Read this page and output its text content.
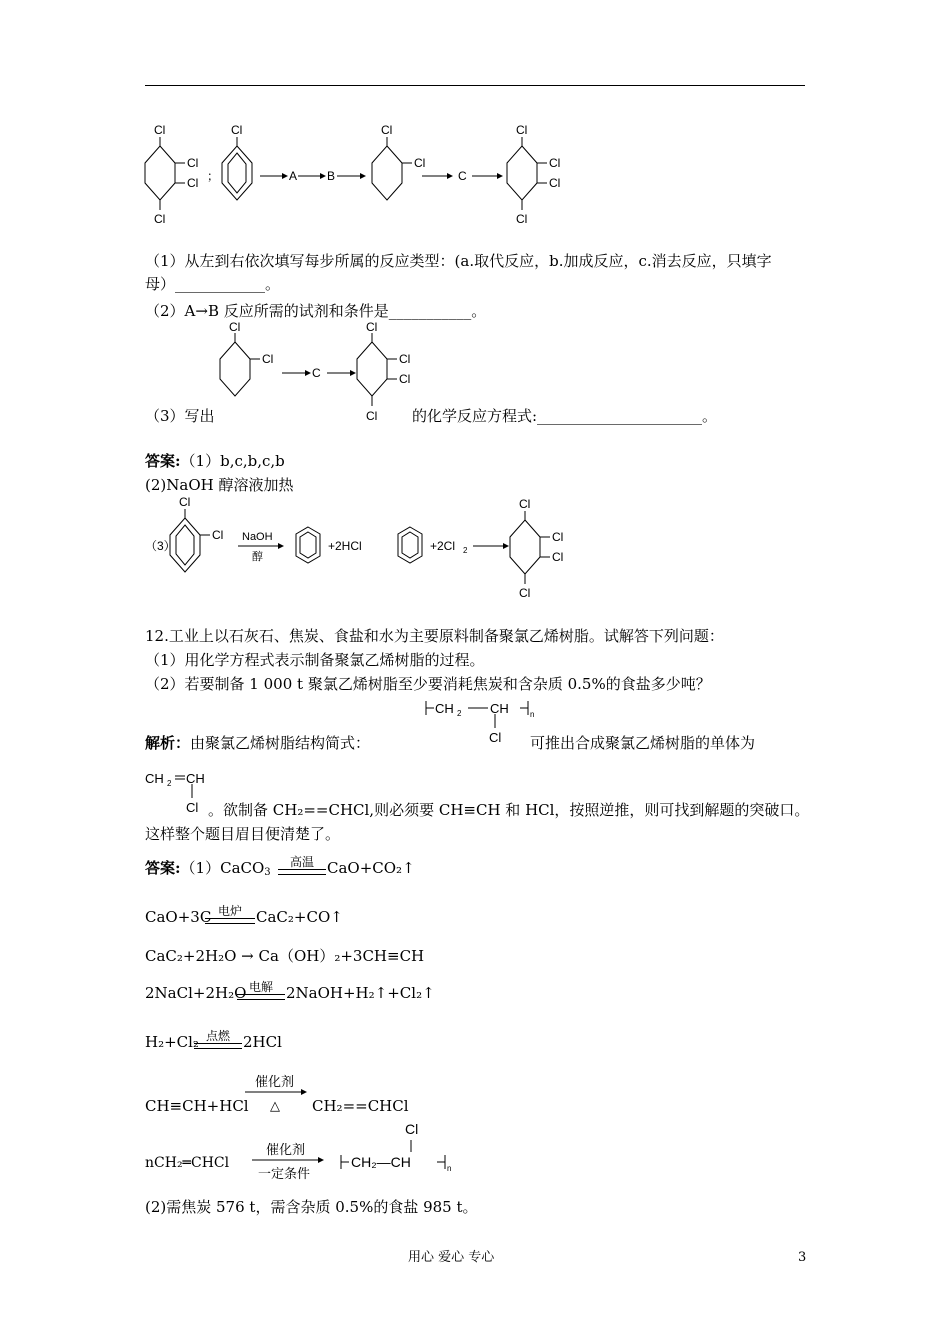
Cl
Cl
Cl
Cl
；
Cl
A B
Cl
Cl
C
Cl
Cl
Cl
Cl
（1）从左到右依次填写每步所属的反应类型：(a.取代反应，b.加成反应，c.消去反应，只填字
母）____________。
（2）A→B 反应所需的试剂和条件是___________。
Cl
Cl
C
Cl
Cl
Cl
Cl
（3）写出	的化学反应方程式:______________________。
答案:（1）b,c,b,c,b
(2)NaOH 醇溶液加热
（3）
Cl
Cl NaOH
醇
+2HCl	+2Cl 2
Cl
Cl
Cl
Cl
12.工业上以石灰石、焦炭、食盐和水为主要原料制备聚氯乙烯树脂。试解答下列问题：
（1）用化学方程式表示制备聚氯乙烯树脂的过程。
（2）若要制备 1 000 t 聚氯乙烯树脂至少要消耗焦炭和含杂质 0.5%的食盐多少吨？
CH 2 CH	n
Cl
解析：由聚氯乙烯树脂结构简式：	可推出合成聚氯乙烯树脂的单体为
CH 2 CH
Cl 。欲制备 CH₂==CHCl,则必须要 CH≡CH 和 HCl，按照逆推，则可找到解题的突破口。
这样整个题目眉目便清楚了。
答案:（1）CaCO$_3$
高温 CaO+CO₂↑
CaO+3C 电炉 CaC₂+CO↑
CaC₂+2H₂O → Ca（OH）₂+3CH≡CH
2NaCl+2H₂O 电解 2NaOH+H₂↑+Cl₂↑
H₂+Cl₂ 点燃 2HCl
CH≡CH+HCl
催化剂
△ CH₂==CHCl
nCH₂═CHCl
催化剂
一定条件
Cl
CH₂—CH	n
(2)需焦炭 576 t，需含杂质 0.5%的食盐 985 t。
用心 爱心 专心	3
